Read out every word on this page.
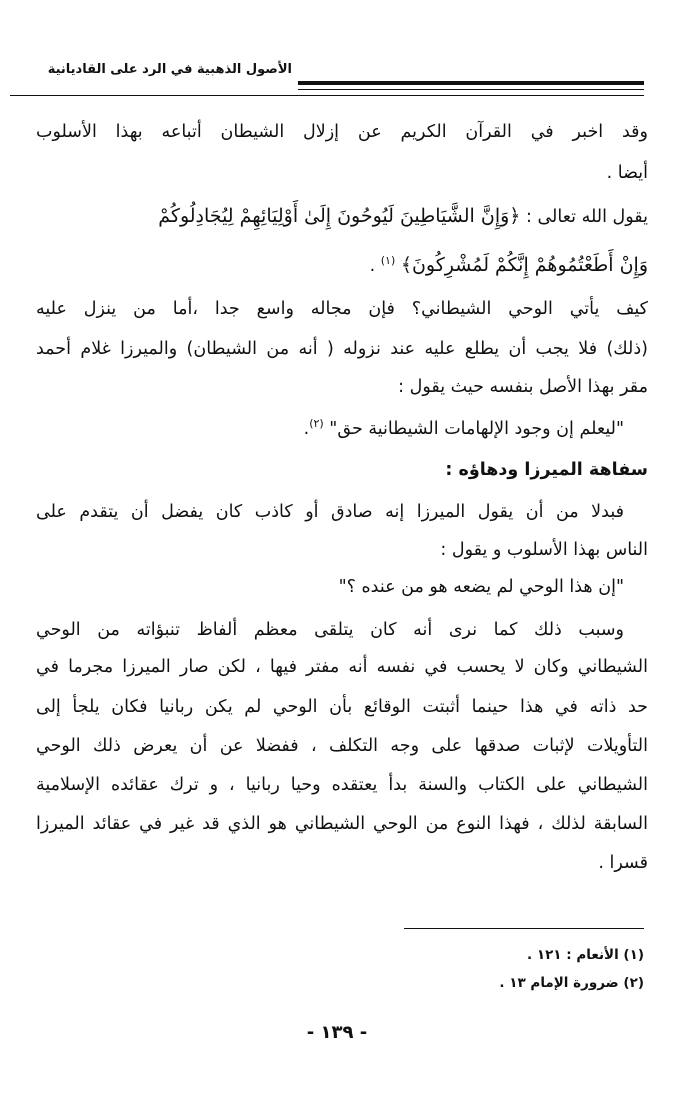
الأصول الذهبية في الرد على القاديانية
وقد اخبر في القرآن الكريم عن إزلال الشيطان أتباعه بهذا الأسلوب
أيضا .
يقول الله تعالى : ﴿وَإِنَّ الشَّيَاطِينَ لَيُوحُونَ إِلَىٰ أَوْلِيَائِهِمْ لِيُجَادِلُوكُمْ
وَإِنْ أَطَعْتُمُوهُمْ إِنَّكُمْ لَمُشْرِكُونَ﴾ $^{(١)}$ .
كيف يأتي الوحي الشيطاني؟ فإن مجاله واسع جدا ،أما من ينزل عليه
(ذلك) فلا يجب أن يطلع عليه عند نزوله ( أنه من الشيطان) والميرزا غلام أحمد
مقر بهذا الأصل بنفسه حيث يقول :
"ليعلم إن وجود الإلهامات الشيطانية حق" $^{(٢)}$.
سفاهة الميرزا ودهاؤه :
فبدلا من أن يقول الميرزا إنه صادق أو كاذب كان يفضل أن يتقدم على
الناس بهذا الأسلوب و يقول :
"إن هذا الوحي لم يضعه هو من عنده ؟"
وسبب ذلك كما نرى أنه كان يتلقى معظم ألفاظ تنبؤاته من الوحي
الشيطاني وكان لا يحسب في نفسه أنه مفتر فيها ، لكن صار الميرزا مجرما في
حد ذاته في هذا حينما أثبتت الوقائع بأن الوحي لم يكن ربانيا فكان يلجأ إلى
التأويلات لإثبات صدقها على وجه التكلف ، ففضلا عن أن يعرض ذلك الوحي
الشيطاني على الكتاب والسنة بدأ يعتقده وحيا ربانيا ، و ترك عقائده الإسلامية
السابقة لذلك ، فهذا النوع من الوحي الشيطاني هو الذي قد غير في عقائد الميرزا
قسرا .
(١) الأنعام : ١٢١ .
(٢) ضرورة الإمام ١٣ .
- ١٣٩ -
